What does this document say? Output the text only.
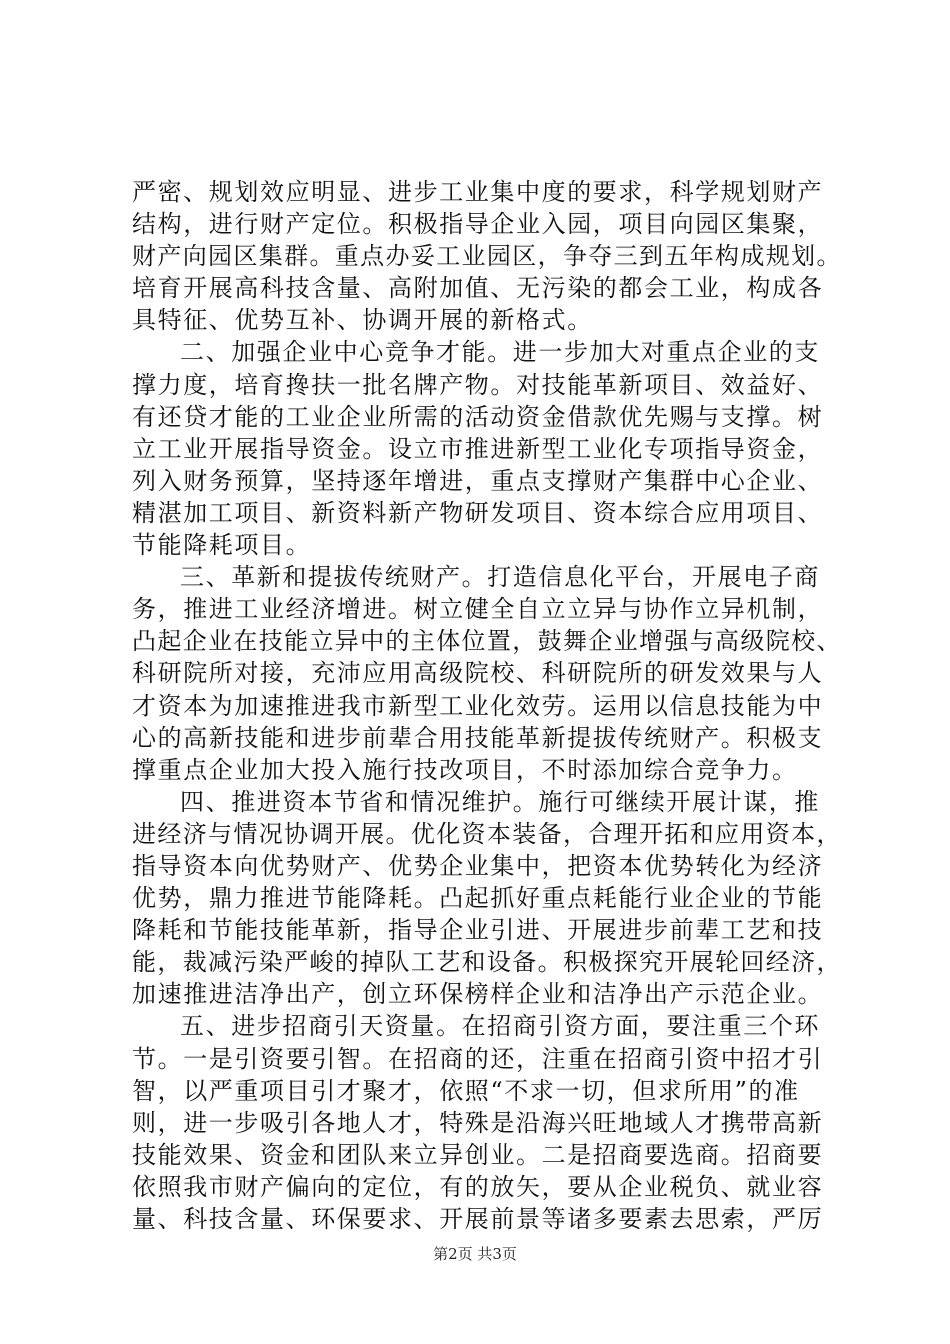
严密、规划效应明显、进步工业集中度的要求，科学规划财产
结构，进行财产定位。积极指导企业入园，项目向园区集聚，
财产向园区集群。重点办妥工业园区，争夺三到五年构成规划。
培育开展高科技含量、高附加值、无污染的都会工业，构成各
具特征、优势互补、协调开展的新格式。
二、加强企业中心竞争才能。进一步加大对重点企业的支
撑力度，培育搀扶一批名牌产物。对技能革新项目、效益好、
有还贷才能的工业企业所需的活动资金借款优先赐与支撑。树
立工业开展指导资金。设立市推进新型工业化专项指导资金，
列入财务预算，坚持逐年增进，重点支撑财产集群中心企业、
精湛加工项目、新资料新产物研发项目、资本综合应用项目、
节能降耗项目。
三、革新和提拔传统财产。打造信息化平台，开展电子商
务，推进工业经济增进。树立健全自立立异与协作立异机制，
凸起企业在技能立异中的主体位置，鼓舞企业增强与高级院校、
科研院所对接，充沛应用高级院校、科研院所的研发效果与人
才资本为加速推进我市新型工业化效劳。运用以信息技能为中
心的高新技能和进步前辈合用技能革新提拔传统财产。积极支
撑重点企业加大投入施行技改项目，不时添加综合竞争力。
四、推进资本节省和情况维护。施行可继续开展计谋，推
进经济与情况协调开展。优化资本装备，合理开拓和应用资本，
指导资本向优势财产、优势企业集中，把资本优势转化为经济
优势，鼎力推进节能降耗。凸起抓好重点耗能行业企业的节能
降耗和节能技能革新，指导企业引进、开展进步前辈工艺和技
能，裁减污染严峻的掉队工艺和设备。积极探究开展轮回经济，
加速推进洁净出产，创立环保榜样企业和洁净出产示范企业。
五、进步招商引天资量。在招商引资方面，要注重三个环
节。一是引资要引智。在招商的还，注重在招商引资中招才引
智，以严重项目引才聚才，依照“不求一切，但求所用”的准
则，进一步吸引各地人才，特殊是沿海兴旺地域人才携带高新
技能效果、资金和团队来立异创业。二是招商要选商。招商要
依照我市财产偏向的定位，有的放矢，要从企业税负、就业容
量、科技含量、环保要求、开展前景等诸多要素去思索，严厉
第2页 共3页
